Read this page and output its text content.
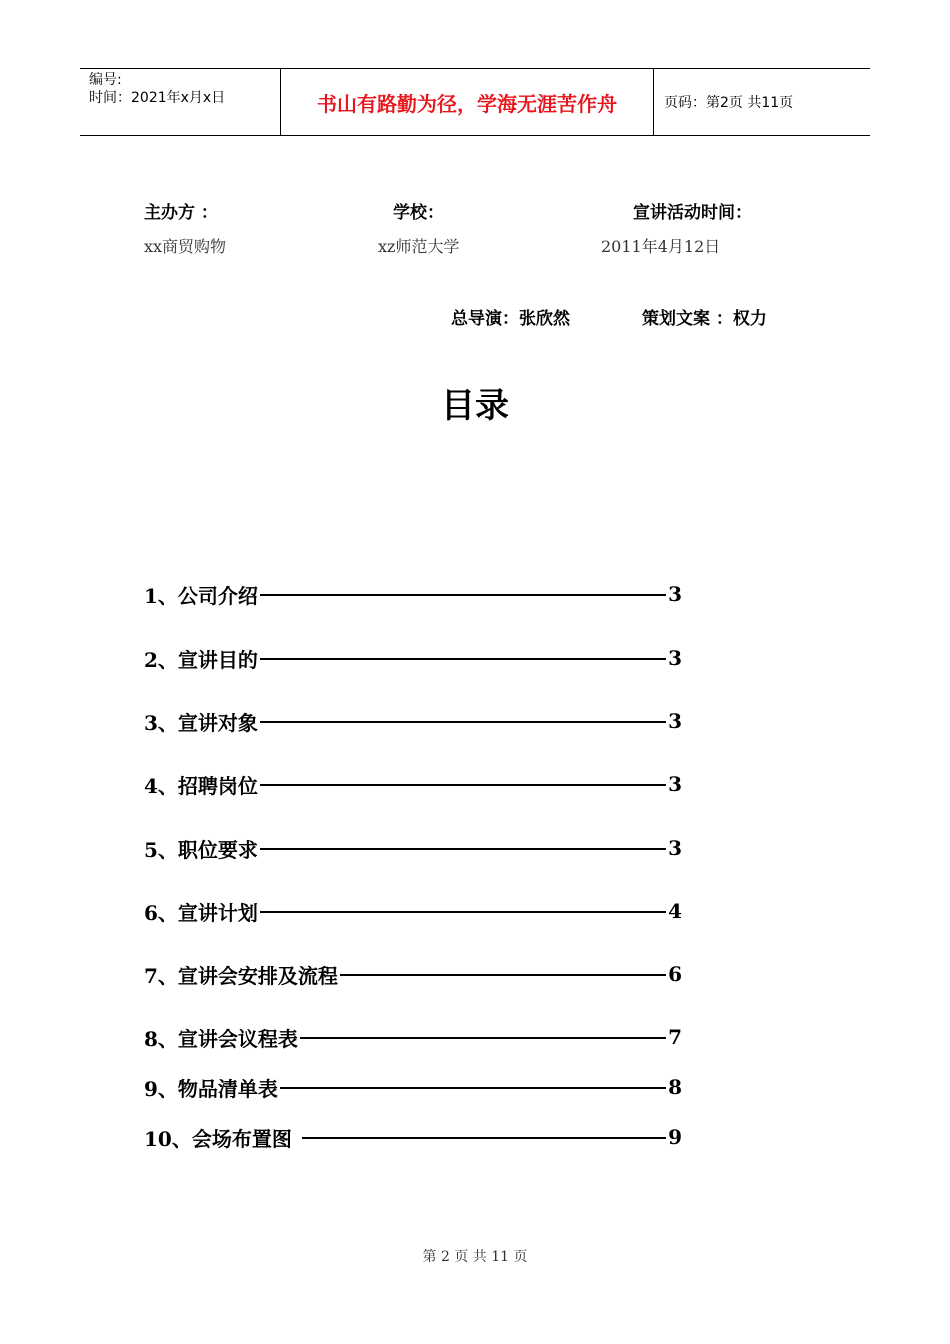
编号:
时间：2021年x月x日	书山有路勤为径，学海无涯苦作舟	页码：第2页 共11页
主办方 ：
xx商贸购物
学校：
xz师范大学
宣讲活动时间：
2011年4月12日
总导演：张欣然	策划文案 ：权力
目录
1、公司介绍	3
2、宣讲目的	3
3、宣讲对象	3
4、招聘岗位	3
5、职位要求	3
6、宣讲计划	4
7、宣讲会安排及流程	6
8、宣讲会议程表	7
9、物品清单表	8
10、会场布置图	9
第 2 页 共 11 页
